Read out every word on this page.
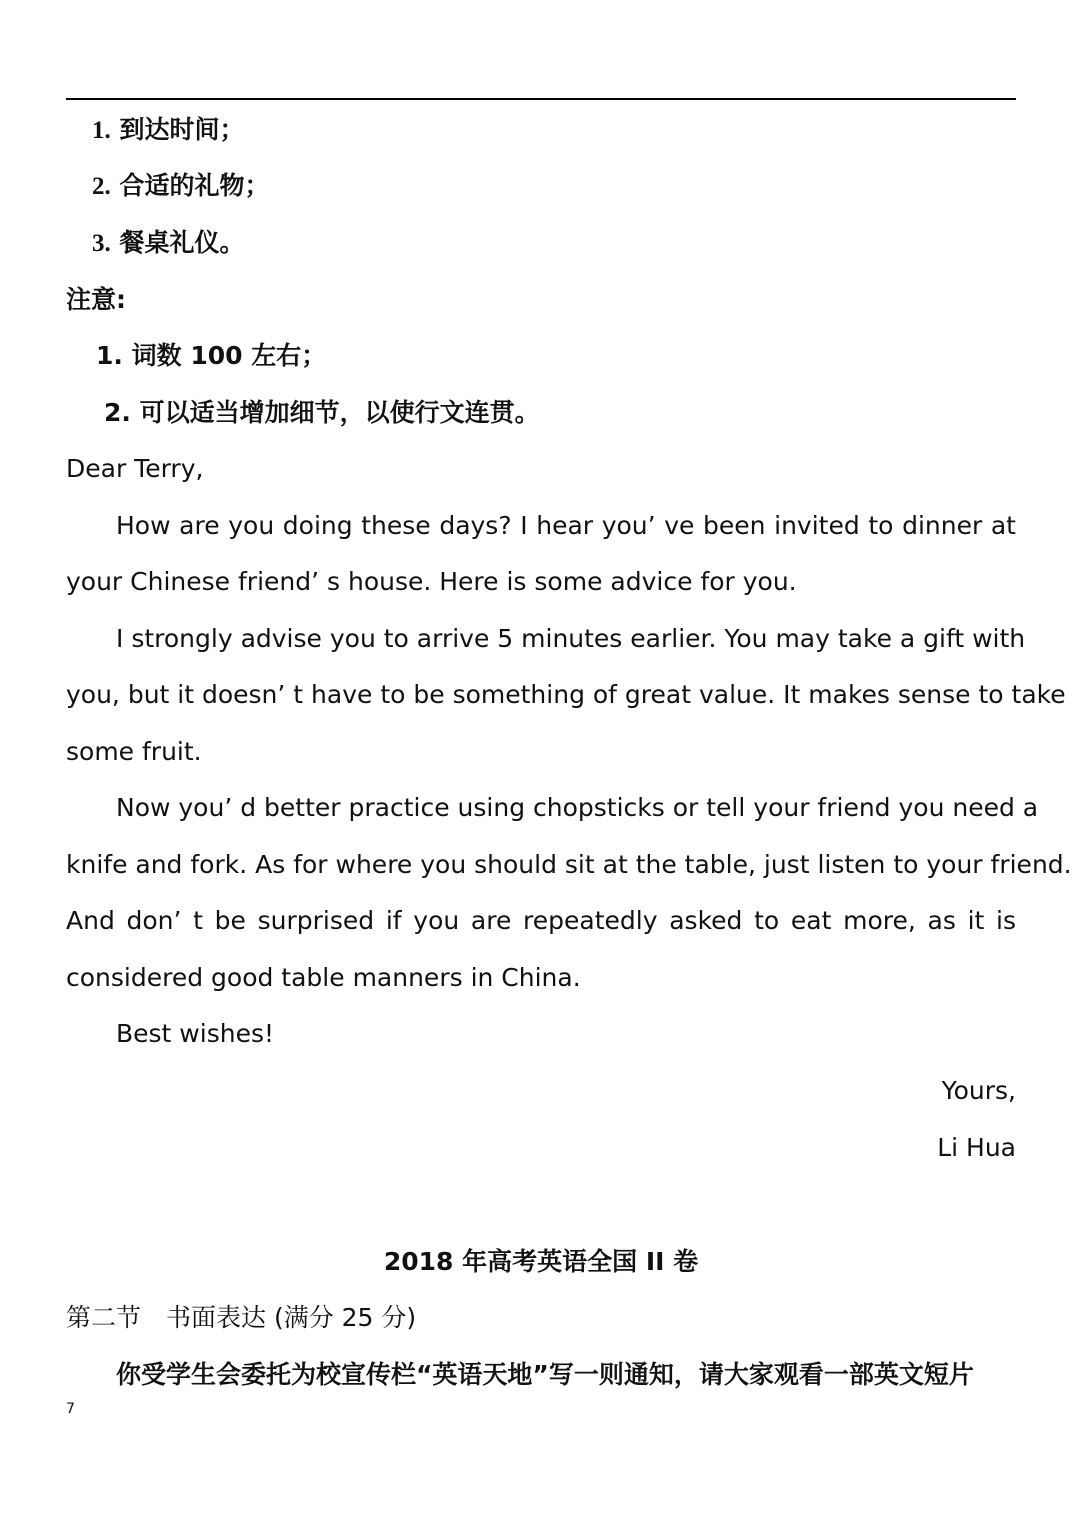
1. 到达时间；
2. 合适的礼物；
3. 餐桌礼仪。
注意:
1. 词数 100 左右；
2. 可以适当增加细节，以使行文连贯。
Dear Terry,
How are you doing these days? I hear you’ ve been invited to dinner at
your Chinese friend’ s house. Here is some advice for you.
I strongly advise you to arrive 5 minutes earlier. You may take a gift with
you, but it doesn’ t have to be something of great value. It makes sense to take
some fruit.
Now you’ d better practice using chopsticks or tell your friend you need a
knife and fork. As for where you should sit at the table, just listen to your friend.
And don’ t be surprised if you are repeatedly asked to eat more, as it is
considered good table manners in China.
Best wishes!
Yours,
Li Hua
2018 年高考英语全国 II 卷
第二节　书面表达 (满分 25 分)
你受学生会委托为校宣传栏“英语天地”写一则通知，请大家观看一部英文短片
7
